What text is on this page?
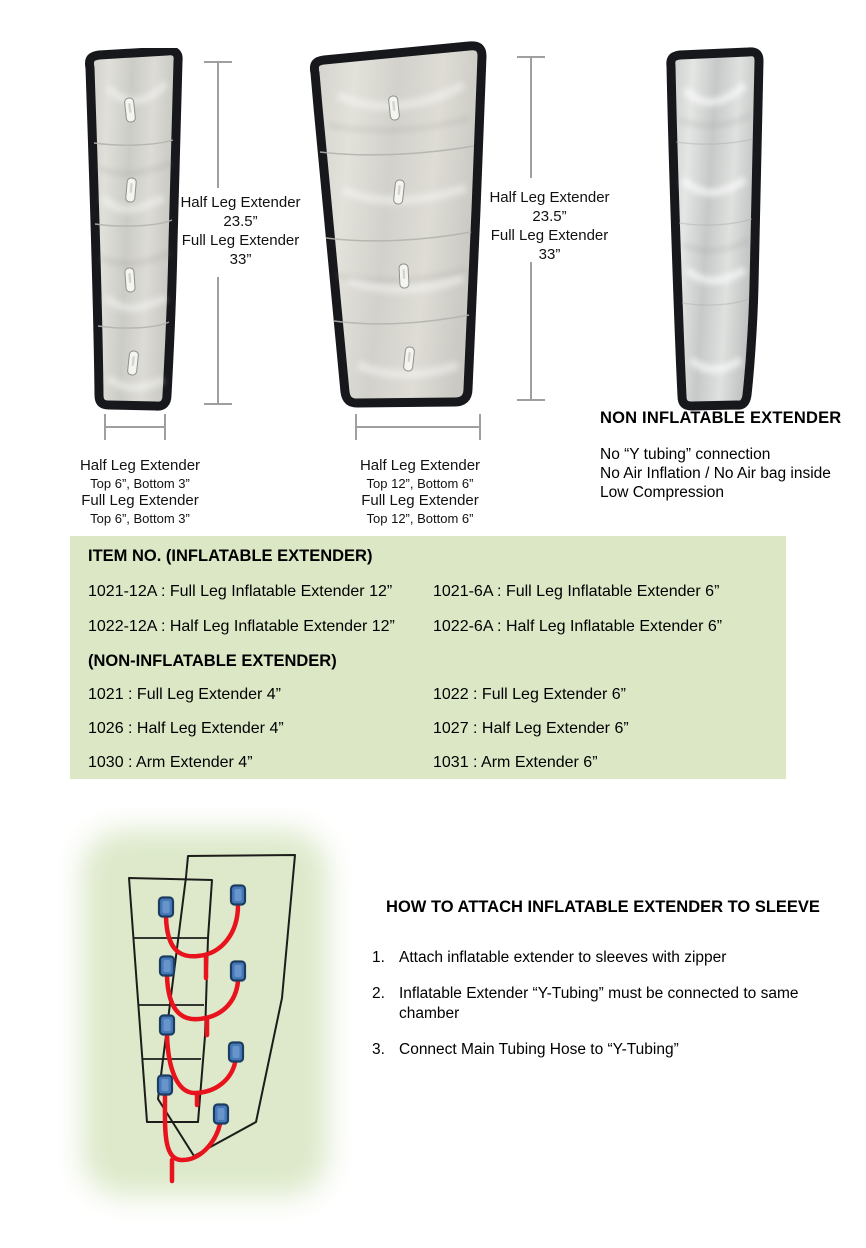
Half Leg Extender
23.5”
Full Leg Extender
33”
Half Leg Extender
23.5”
Full Leg Extender
33”
Half Leg Extender
Top 6”, Bottom 3”
Full Leg Extender
Top 6”, Bottom 3”
Half Leg Extender
Top 12”, Bottom 6”
Full Leg Extender
Top 12”, Bottom 6”
NON INFLATABLE EXTENDER
No “Y tubing” connection
No Air Inflation / No Air bag inside
Low Compression
ITEM NO. (INFLATABLE EXTENDER)
1021-12A : Full Leg Inflatable Extender 12”	1021-6A : Full Leg Inflatable Extender 6”
1022-12A : Half Leg Inflatable Extender 12”	1022-6A : Half Leg Inflatable Extender 6”
(NON-INFLATABLE EXTENDER)
1021 : Full Leg Extender 4”	1022 : Full Leg Extender 6”
1026 : Half Leg Extender 4”	1027 : Half Leg Extender 6”
1030 : Arm Extender 4”	1031 : Arm Extender 6”
HOW TO ATTACH INFLATABLE EXTENDER TO SLEEVE
1. Attach inflatable extender to sleeves with zipper
2. Inflatable Extender “Y-Tubing” must be connected to same chamber
3. Connect Main Tubing Hose to “Y-Tubing”
